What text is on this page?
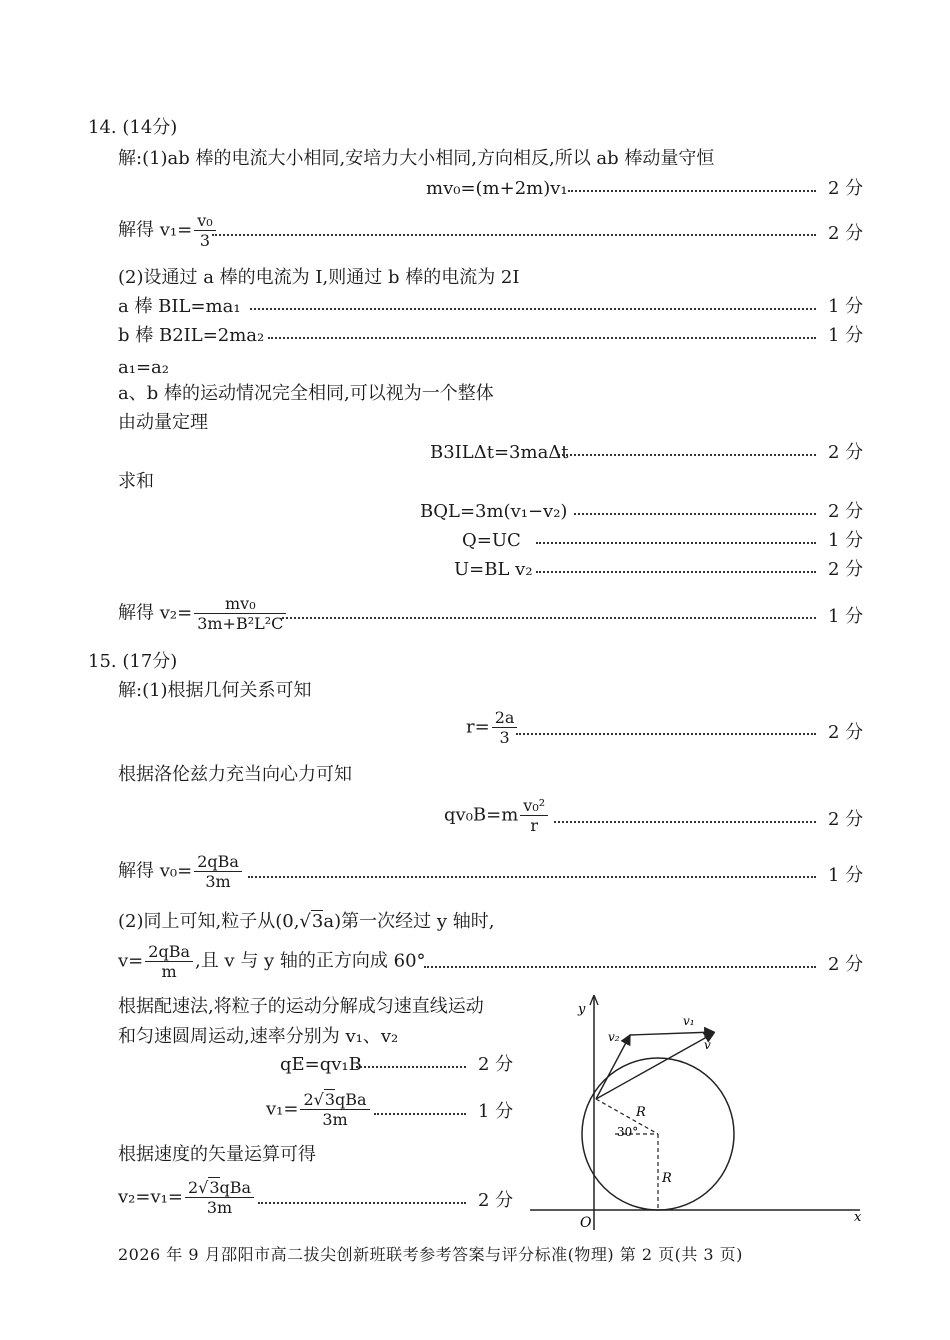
14. (14分)
解:(1)ab 棒的电流大小相同,安培力大小相同,方向相反,所以 ab 棒动量守恒
mv₀=(m+2m)v₁	2 分
解得 $v_1= \frac{\text{v₀}}{3}$	2 分
(2)设通过 a 棒的电流为 I,则通过 b 棒的电流为 2I
a 棒 BIL=ma₁	1 分
b 棒 B2IL=2ma₂	1 分
a₁=a₂
a、b 棒的运动情况完全相同,可以视为一个整体
由动量定理
B3ILΔt=3maΔt	2 分
求和
BQL=3m(v₁−v₂)	2 分
Q=UC	1 分
U=BL v₂	2 分
解得 $v_2= \frac{\text{mv₀}}{\text{3m+B²L²C}}$	1 分
15. (17分)
解:(1)根据几何关系可知
$r= \frac{2a}{3}$	2 分
根据洛伦兹力充当向心力可知
$qv_0B=m \frac{\text{v₀²}}{r}$	2 分
解得 $v_0= \frac{\text{2qBa}}{3m}$	1 分
(2)同上可知,粒子从(0,√3a)第一次经过 y 轴时,
$v= \frac{\text{2qBa}}{m}$ ,且 v 与 y 轴的正方向成 60°	2 分
根据配速法,将粒子的运动分解成匀速直线运动
和匀速圆周运动,速率分别为 v₁、v₂
qE=qv₁B	2 分
$v_1= \frac{\text{2√3qBa}}{3m}$	1 分
根据速度的矢量运算可得
$v_2=v_1= \frac{\text{2√3qBa}}{3m}$	2 分
y
x
O
R
R
30°
v₁
v₂
v
2026 年 9 月邵阳市高二拔尖创新班联考参考答案与评分标准(物理) 第 2 页(共 3 页)
